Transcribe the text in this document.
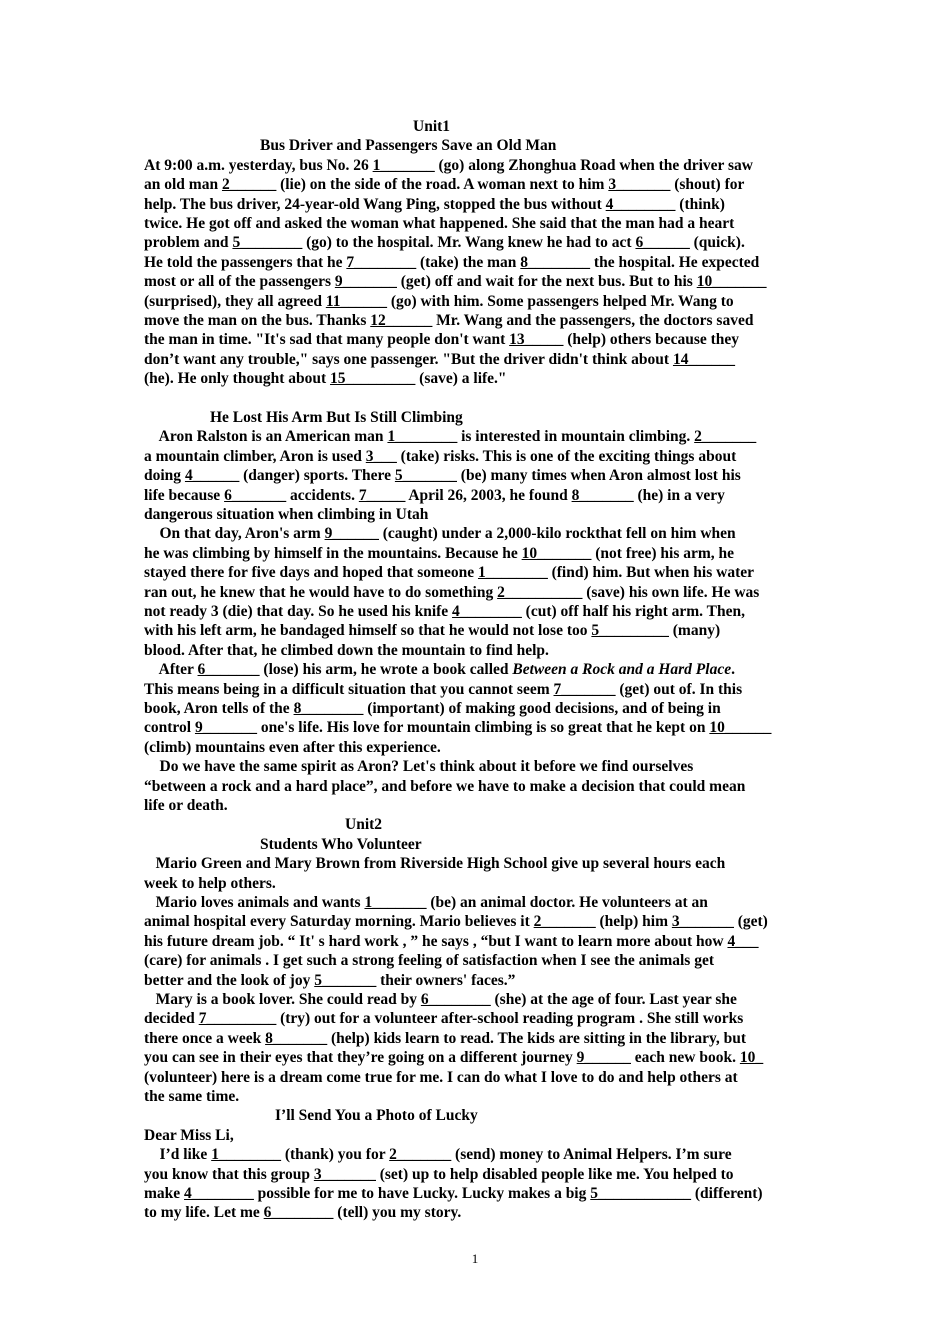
Unit1
Bus Driver and Passengers Save an Old Man
At 9:00 a.m. yesterday, bus No. 26 1_______ (go) along Zhonghua Road when the driver saw
an old man 2______ (lie) on the side of the road. A woman next to him 3_______ (shout) for
help. The bus driver, 24-year-old Wang Ping, stopped the bus without 4________ (think)
twice. He got off and asked the woman what happened. She said that the man had a heart
problem and 5________ (go) to the hospital. Mr. Wang knew he had to act 6______ (quick).
He told the passengers that he 7________ (take) the man 8________ the hospital. He expected
most or all of the passengers 9_______ (get) off and wait for the next bus. But to his 10_______
(surprised), they all agreed 11______ (go) with him. Some passengers helped Mr. Wang to
move the man on the bus. Thanks 12______ Mr. Wang and the passengers, the doctors saved
the man in time. "It's sad that many people don't want 13_____ (help) others because they
don’t want any trouble," says one passenger. "But the driver didn't think about 14______
(he). He only thought about 15_________ (save) a life."
He Lost His Arm But Is Still Climbing
Aron Ralston is an American man 1________ is interested in mountain climbing. 2_______
a mountain climber, Aron is used 3___ (take) risks. This is one of the exciting things about
doing 4______ (danger) sports. There 5_______ (be) many times when Aron almost lost his
life because 6_______ accidents. 7_____ April 26, 2003, he found 8_______ (he) in a very
dangerous situation when climbing in Utah
On that day, Aron's arm 9______ (caught) under a 2,000-kilo rockthat fell on him when
he was climbing by himself in the mountains. Because he 10_______ (not free) his arm, he
stayed there for five days and hoped that someone 1________ (find) him. But when his water
ran out, he knew that he would have to do something 2__________ (save) his own life. He was
not ready 3 (die) that day. So he used his knife 4________ (cut) off half his right arm. Then,
with his left arm, he bandaged himself so that he would not lose too 5_________ (many)
blood. After that, he climbed down the mountain to find help.
After 6_______ (lose) his arm, he wrote a book called Between a Rock and a Hard Place.
This means being in a difficult situation that you cannot seem 7_______ (get) out of. In this
book, Aron tells of the 8________ (important) of making good decisions, and of being in
control 9_______ one's life. His love for mountain climbing is so great that he kept on 10______
(climb) mountains even after this experience.
Do we have the same spirit as Aron? Let's think about it before we find ourselves
“between a rock and a hard place”, and before we have to make a decision that could mean
life or death.
Unit2
Students Who Volunteer
Mario Green and Mary Brown from Riverside High School give up several hours each
week to help others.
Mario loves animals and wants 1_______ (be) an animal doctor. He volunteers at an
animal hospital every Saturday morning. Mario believes it 2_______ (help) him 3_______ (get)
his future dream job. “ It' s hard work , ” he says , “but I want to learn more about how 4___
(care) for animals . I get such a strong feeling of satisfaction when I see the animals get
better and the look of joy 5_______ their owners' faces.”
Mary is a book lover. She could read by 6________ (she) at the age of four. Last year she
decided 7_________ (try) out for a volunteer after-school reading program . She still works
there once a week 8_______ (help) kids learn to read. The kids are sitting in the library, but
you can see in their eyes that they’re going on a different journey 9______ each new book. 10_
(volunteer) here is a dream come true for me. I can do what I love to do and help others at
the same time.
I’ll Send You a Photo of Lucky
Dear Miss Li,
I’d like 1________ (thank) you for 2_______ (send) money to Animal Helpers. I’m sure
you know that this group 3_______ (set) up to help disabled people like me. You helped to
make 4________ possible for me to have Lucky. Lucky makes a big 5____________ (different)
to my life. Let me 6________ (tell) you my story.
1
